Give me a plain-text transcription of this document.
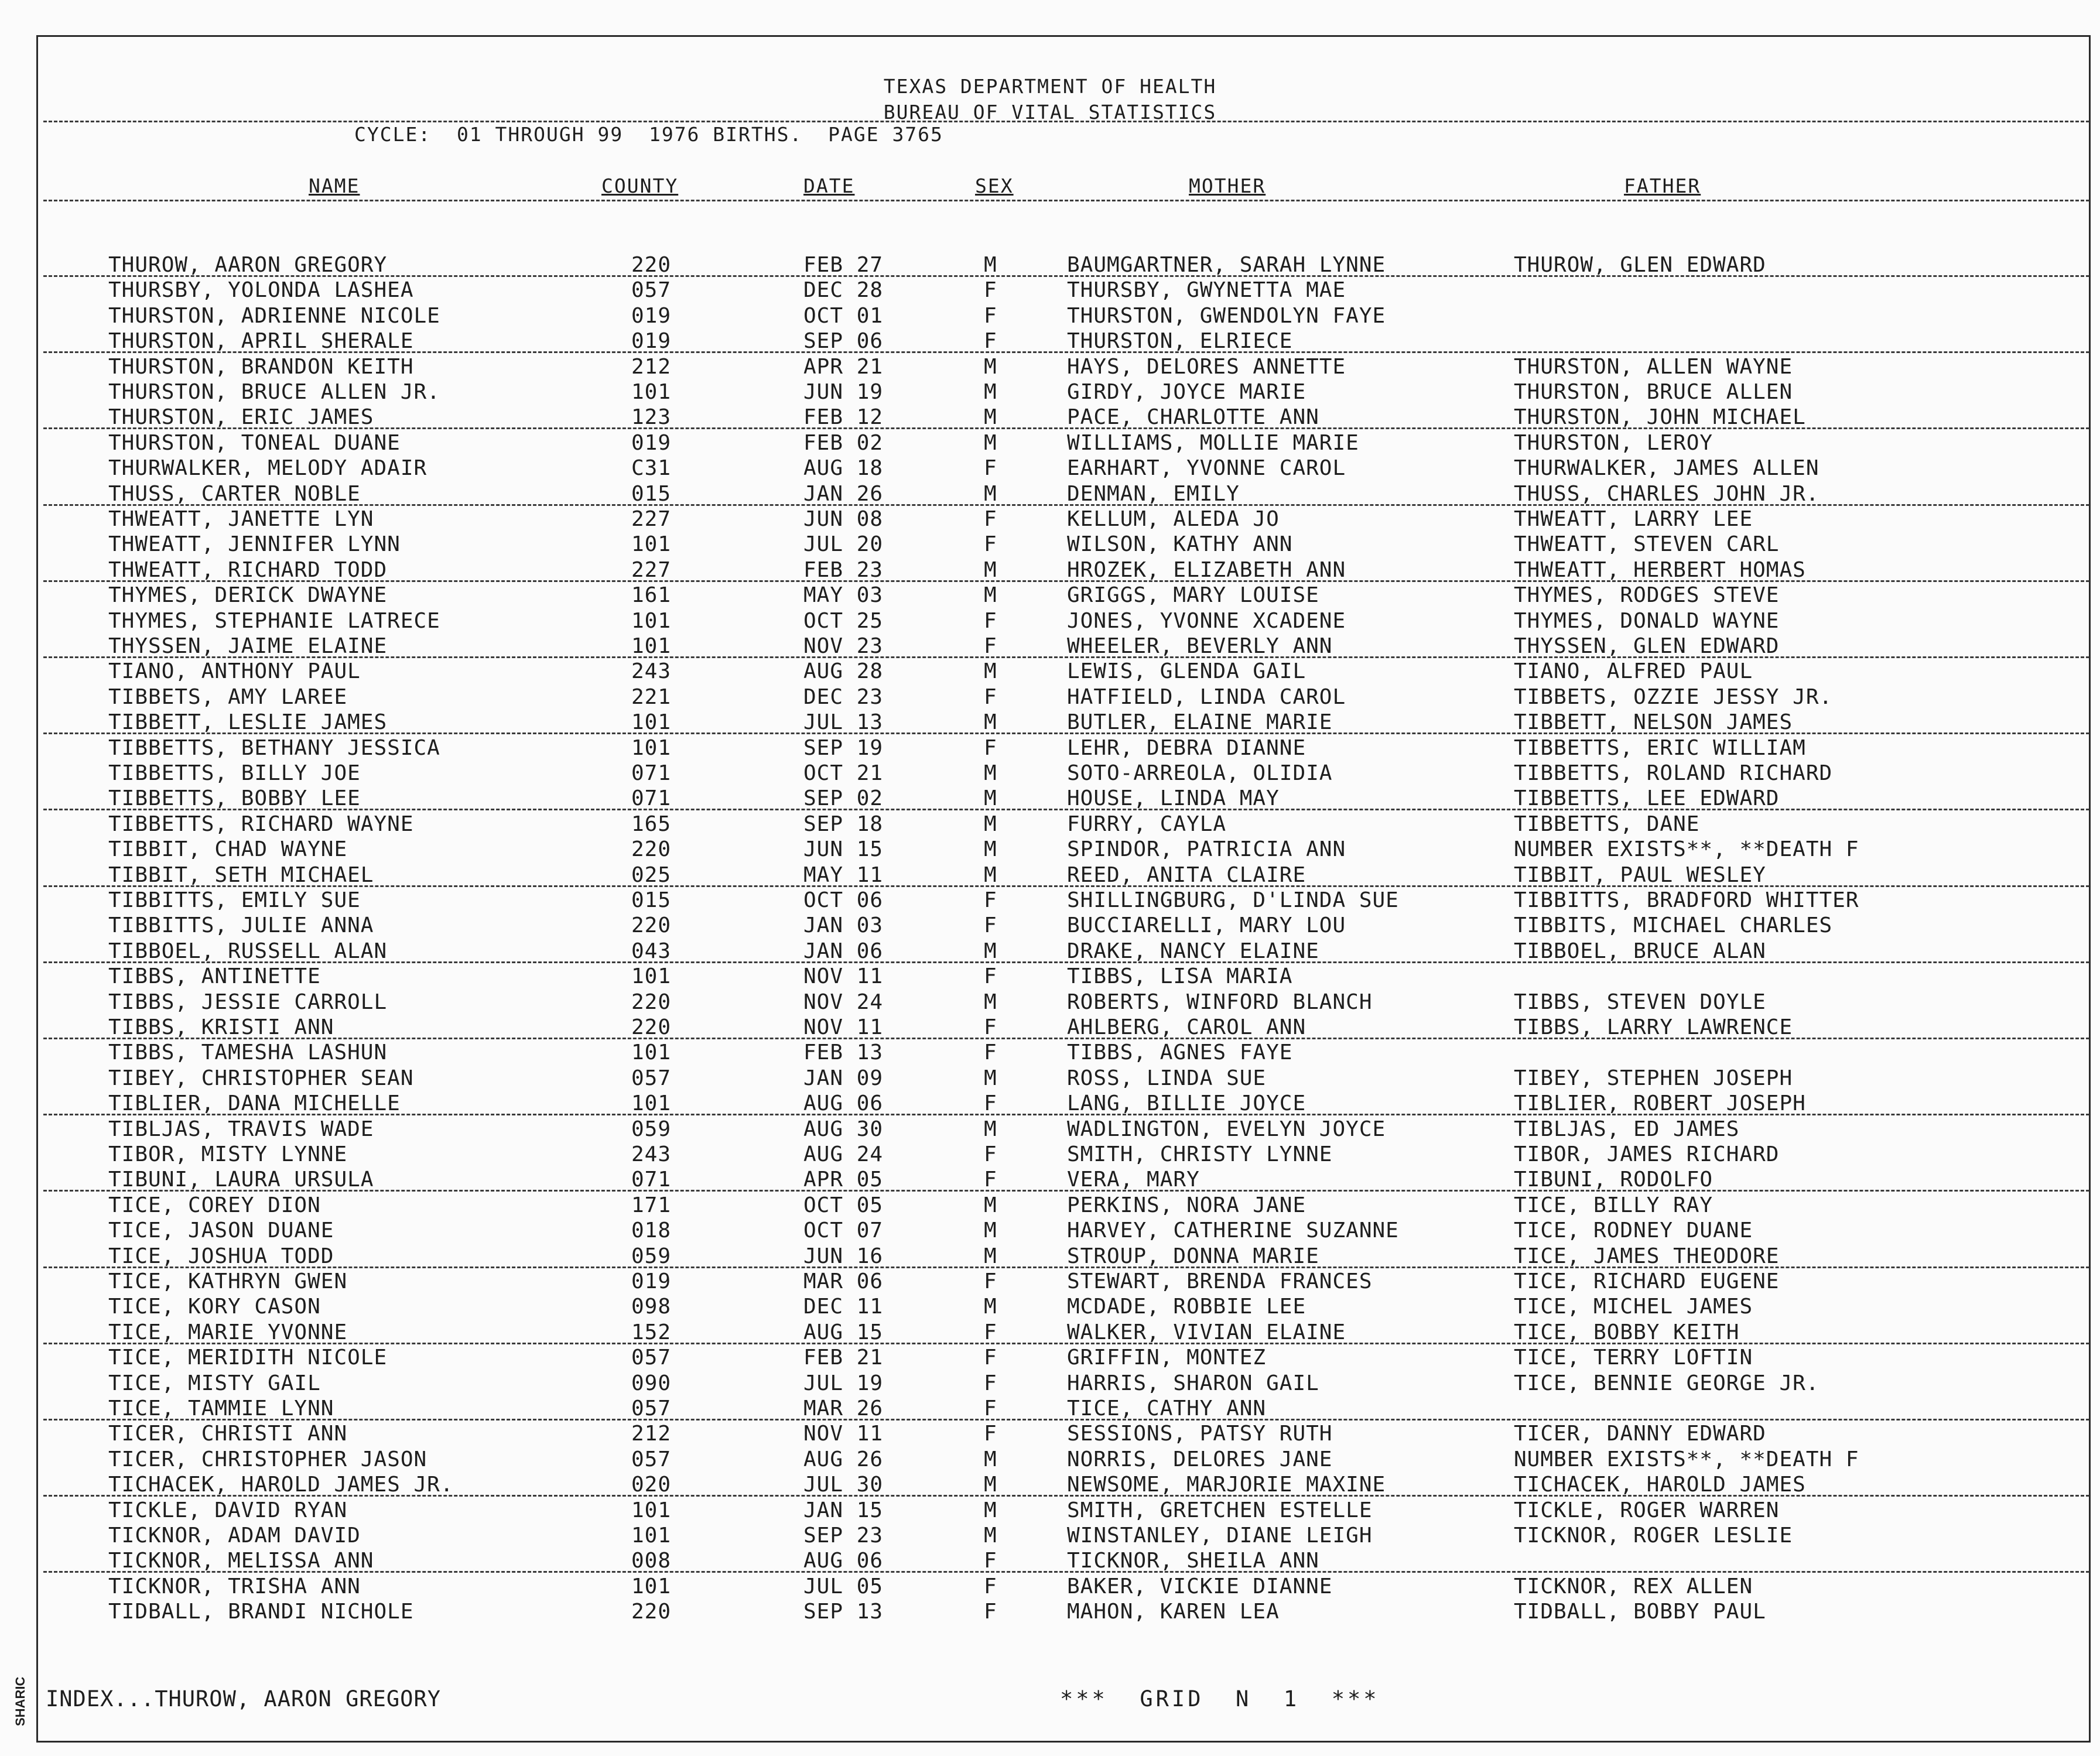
TEXAS DEPARTMENT OF HEALTH
BUREAU OF VITAL STATISTICS
CYCLE:  01 THROUGH 99  1976 BIRTHS.  PAGE 3765
NAME	COUNTY	DATE	SEX	MOTHER	FATHER
THUROW, AARON GREGORY	220	FEB 27	M	BAUMGARTNER, SARAH LYNNE	THUROW, GLEN EDWARD
THURSBY, YOLONDA LASHEA	057	DEC 28	F	THURSBY, GWYNETTA MAE
THURSTON, ADRIENNE NICOLE	019	OCT 01	F	THURSTON, GWENDOLYN FAYE
THURSTON, APRIL SHERALE	019	SEP 06	F	THURSTON, ELRIECE
THURSTON, BRANDON KEITH	212	APR 21	M	HAYS, DELORES ANNETTE	THURSTON, ALLEN WAYNE
THURSTON, BRUCE ALLEN JR.	101	JUN 19	M	GIRDY, JOYCE MARIE	THURSTON, BRUCE ALLEN
THURSTON, ERIC JAMES	123	FEB 12	M	PACE, CHARLOTTE ANN	THURSTON, JOHN MICHAEL
THURSTON, TONEAL DUANE	019	FEB 02	M	WILLIAMS, MOLLIE MARIE	THURSTON, LEROY
THURWALKER, MELODY ADAIR	C31	AUG 18	F	EARHART, YVONNE CAROL	THURWALKER, JAMES ALLEN
THUSS, CARTER NOBLE	015	JAN 26	M	DENMAN, EMILY	THUSS, CHARLES JOHN JR.
THWEATT, JANETTE LYN	227	JUN 08	F	KELLUM, ALEDA JO	THWEATT, LARRY LEE
THWEATT, JENNIFER LYNN	101	JUL 20	F	WILSON, KATHY ANN	THWEATT, STEVEN CARL
THWEATT, RICHARD TODD	227	FEB 23	M	HROZEK, ELIZABETH ANN	THWEATT, HERBERT HOMAS
THYMES, DERICK DWAYNE	161	MAY 03	M	GRIGGS, MARY LOUISE	THYMES, RODGES STEVE
THYMES, STEPHANIE LATRECE	101	OCT 25	F	JONES, YVONNE XCADENE	THYMES, DONALD WAYNE
THYSSEN, JAIME ELAINE	101	NOV 23	F	WHEELER, BEVERLY ANN	THYSSEN, GLEN EDWARD
TIANO, ANTHONY PAUL	243	AUG 28	M	LEWIS, GLENDA GAIL	TIANO, ALFRED PAUL
TIBBETS, AMY LAREE	221	DEC 23	F	HATFIELD, LINDA CAROL	TIBBETS, OZZIE JESSY JR.
TIBBETT, LESLIE JAMES	101	JUL 13	M	BUTLER, ELAINE MARIE	TIBBETT, NELSON JAMES
TIBBETTS, BETHANY JESSICA	101	SEP 19	F	LEHR, DEBRA DIANNE	TIBBETTS, ERIC WILLIAM
TIBBETTS, BILLY JOE	071	OCT 21	M	SOTO-ARREOLA, OLIDIA	TIBBETTS, ROLAND RICHARD
TIBBETTS, BOBBY LEE	071	SEP 02	M	HOUSE, LINDA MAY	TIBBETTS, LEE EDWARD
TIBBETTS, RICHARD WAYNE	165	SEP 18	M	FURRY, CAYLA	TIBBETTS, DANE
TIBBIT, CHAD WAYNE	220	JUN 15	M	SPINDOR, PATRICIA ANN	NUMBER EXISTS**, **DEATH F
TIBBIT, SETH MICHAEL	025	MAY 11	M	REED, ANITA CLAIRE	TIBBIT, PAUL WESLEY
TIBBITTS, EMILY SUE	015	OCT 06	F	SHILLINGBURG, D'LINDA SUE	TIBBITTS, BRADFORD WHITTER
TIBBITTS, JULIE ANNA	220	JAN 03	F	BUCCIARELLI, MARY LOU	TIBBITS, MICHAEL CHARLES
TIBBOEL, RUSSELL ALAN	043	JAN 06	M	DRAKE, NANCY ELAINE	TIBBOEL, BRUCE ALAN
TIBBS, ANTINETTE	101	NOV 11	F	TIBBS, LISA MARIA
TIBBS, JESSIE CARROLL	220	NOV 24	M	ROBERTS, WINFORD BLANCH	TIBBS, STEVEN DOYLE
TIBBS, KRISTI ANN	220	NOV 11	F	AHLBERG, CAROL ANN	TIBBS, LARRY LAWRENCE
TIBBS, TAMESHA LASHUN	101	FEB 13	F	TIBBS, AGNES FAYE
TIBEY, CHRISTOPHER SEAN	057	JAN 09	M	ROSS, LINDA SUE	TIBEY, STEPHEN JOSEPH
TIBLIER, DANA MICHELLE	101	AUG 06	F	LANG, BILLIE JOYCE	TIBLIER, ROBERT JOSEPH
TIBLJAS, TRAVIS WADE	059	AUG 30	M	WADLINGTON, EVELYN JOYCE	TIBLJAS, ED JAMES
TIBOR, MISTY LYNNE	243	AUG 24	F	SMITH, CHRISTY LYNNE	TIBOR, JAMES RICHARD
TIBUNI, LAURA URSULA	071	APR 05	F	VERA, MARY	TIBUNI, RODOLFO
TICE, COREY DION	171	OCT 05	M	PERKINS, NORA JANE	TICE, BILLY RAY
TICE, JASON DUANE	018	OCT 07	M	HARVEY, CATHERINE SUZANNE	TICE, RODNEY DUANE
TICE, JOSHUA TODD	059	JUN 16	M	STROUP, DONNA MARIE	TICE, JAMES THEODORE
TICE, KATHRYN GWEN	019	MAR 06	F	STEWART, BRENDA FRANCES	TICE, RICHARD EUGENE
TICE, KORY CASON	098	DEC 11	M	MCDADE, ROBBIE LEE	TICE, MICHEL JAMES
TICE, MARIE YVONNE	152	AUG 15	F	WALKER, VIVIAN ELAINE	TICE, BOBBY KEITH
TICE, MERIDITH NICOLE	057	FEB 21	F	GRIFFIN, MONTEZ	TICE, TERRY LOFTIN
TICE, MISTY GAIL	090	JUL 19	F	HARRIS, SHARON GAIL	TICE, BENNIE GEORGE JR.
TICE, TAMMIE LYNN	057	MAR 26	F	TICE, CATHY ANN
TICER, CHRISTI ANN	212	NOV 11	F	SESSIONS, PATSY RUTH	TICER, DANNY EDWARD
TICER, CHRISTOPHER JASON	057	AUG 26	M	NORRIS, DELORES JANE	NUMBER EXISTS**, **DEATH F
TICHACEK, HAROLD JAMES JR.	020	JUL 30	M	NEWSOME, MARJORIE MAXINE	TICHACEK, HAROLD JAMES
TICKLE, DAVID RYAN	101	JAN 15	M	SMITH, GRETCHEN ESTELLE	TICKLE, ROGER WARREN
TICKNOR, ADAM DAVID	101	SEP 23	M	WINSTANLEY, DIANE LEIGH	TICKNOR, ROGER LESLIE
TICKNOR, MELISSA ANN	008	AUG 06	F	TICKNOR, SHEILA ANN
TICKNOR, TRISHA ANN	101	JUL 05	F	BAKER, VICKIE DIANNE	TICKNOR, REX ALLEN
TIDBALL, BRANDI NICHOLE	220	SEP 13	F	MAHON, KAREN LEA	TIDBALL, BOBBY PAUL
INDEX...THUROW, AARON GREGORY	***  GRID  N  1  ***
SHARIC
